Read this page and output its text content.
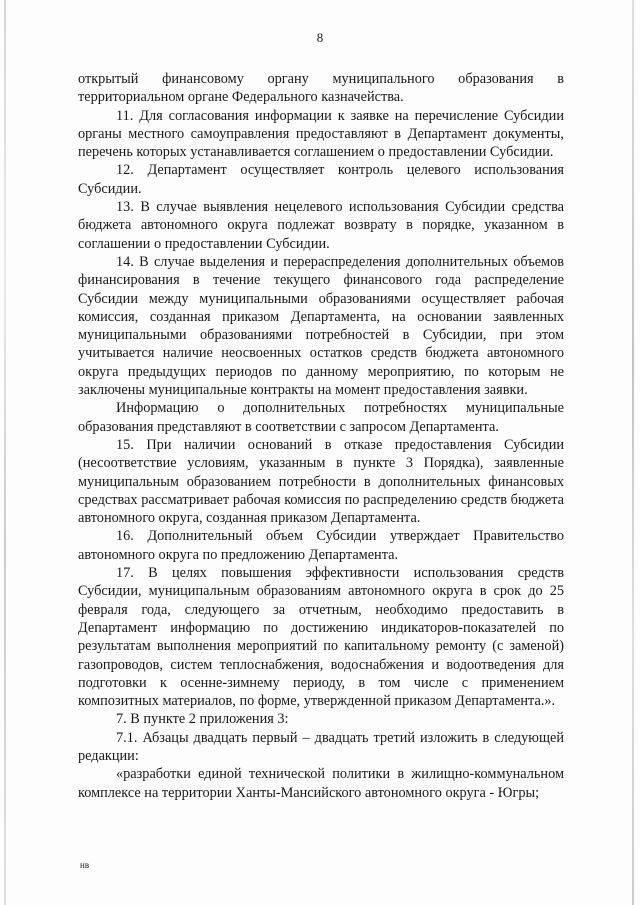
8

открытый финансовому органу муниципального образования в территориальном органе Федерального казначейства.

11. Для согласования информации к заявке на перечисление Субсидии органы местного самоуправления предоставляют в Департамент документы, перечень которых устанавливается соглашением о предоставлении Субсидии.

12. Департамент осуществляет контроль целевого использования Субсидии.

13. В случае выявления нецелевого использования Субсидии средства бюджета автономного округа подлежат возврату в порядке, указанном в соглашении о предоставлении Субсидии.

14. В случае выделения и перераспределения дополнительных объемов финансирования в течение текущего финансового года распределение Субсидии между муниципальными образованиями осуществляет рабочая комиссия, созданная приказом Департамента, на основании заявленных муниципальными образованиями потребностей в Субсидии, при этом учитывается наличие неосвоенных остатков средств бюджета автономного округа предыдущих периодов по данному мероприятию, по которым не заключены муниципальные контракты на момент предоставления заявки.

Информацию о дополнительных потребностях муниципальные образования представляют в соответствии с запросом Департамента.

15. При наличии оснований в отказе предоставления Субсидии (несоответствие условиям, указанным в пункте 3 Порядка), заявленные муниципальным образованием потребности в дополнительных финансовых средствах рассматривает рабочая комиссия по распределению средств бюджета автономного округа, созданная приказом Департамента.

16. Дополнительный объем Субсидии утверждает Правительство автономного округа по предложению Департамента.

17. В целях повышения эффективности использования средств Субсидии, муниципальным образованиям автономного округа в срок до 25 февраля года, следующего за отчетным, необходимо предоставить в Департамент информацию по достижению индикаторов-показателей по результатам выполнения мероприятий по капитальному ремонту (с заменой) газопроводов, систем теплоснабжения, водоснабжения и водоотведения для подготовки к осенне-зимнему периоду, в том числе с применением композитных материалов, по форме, утвержденной приказом Департамента.».

7. В пункте 2 приложения 3:

7.1. Абзацы двадцать первый – двадцать третий изложить в следующей редакции:

«разработки единой технической политики в жилищно-коммунальном комплексе на территории Ханты-Мансийского автономного округа - Югры;

нв
